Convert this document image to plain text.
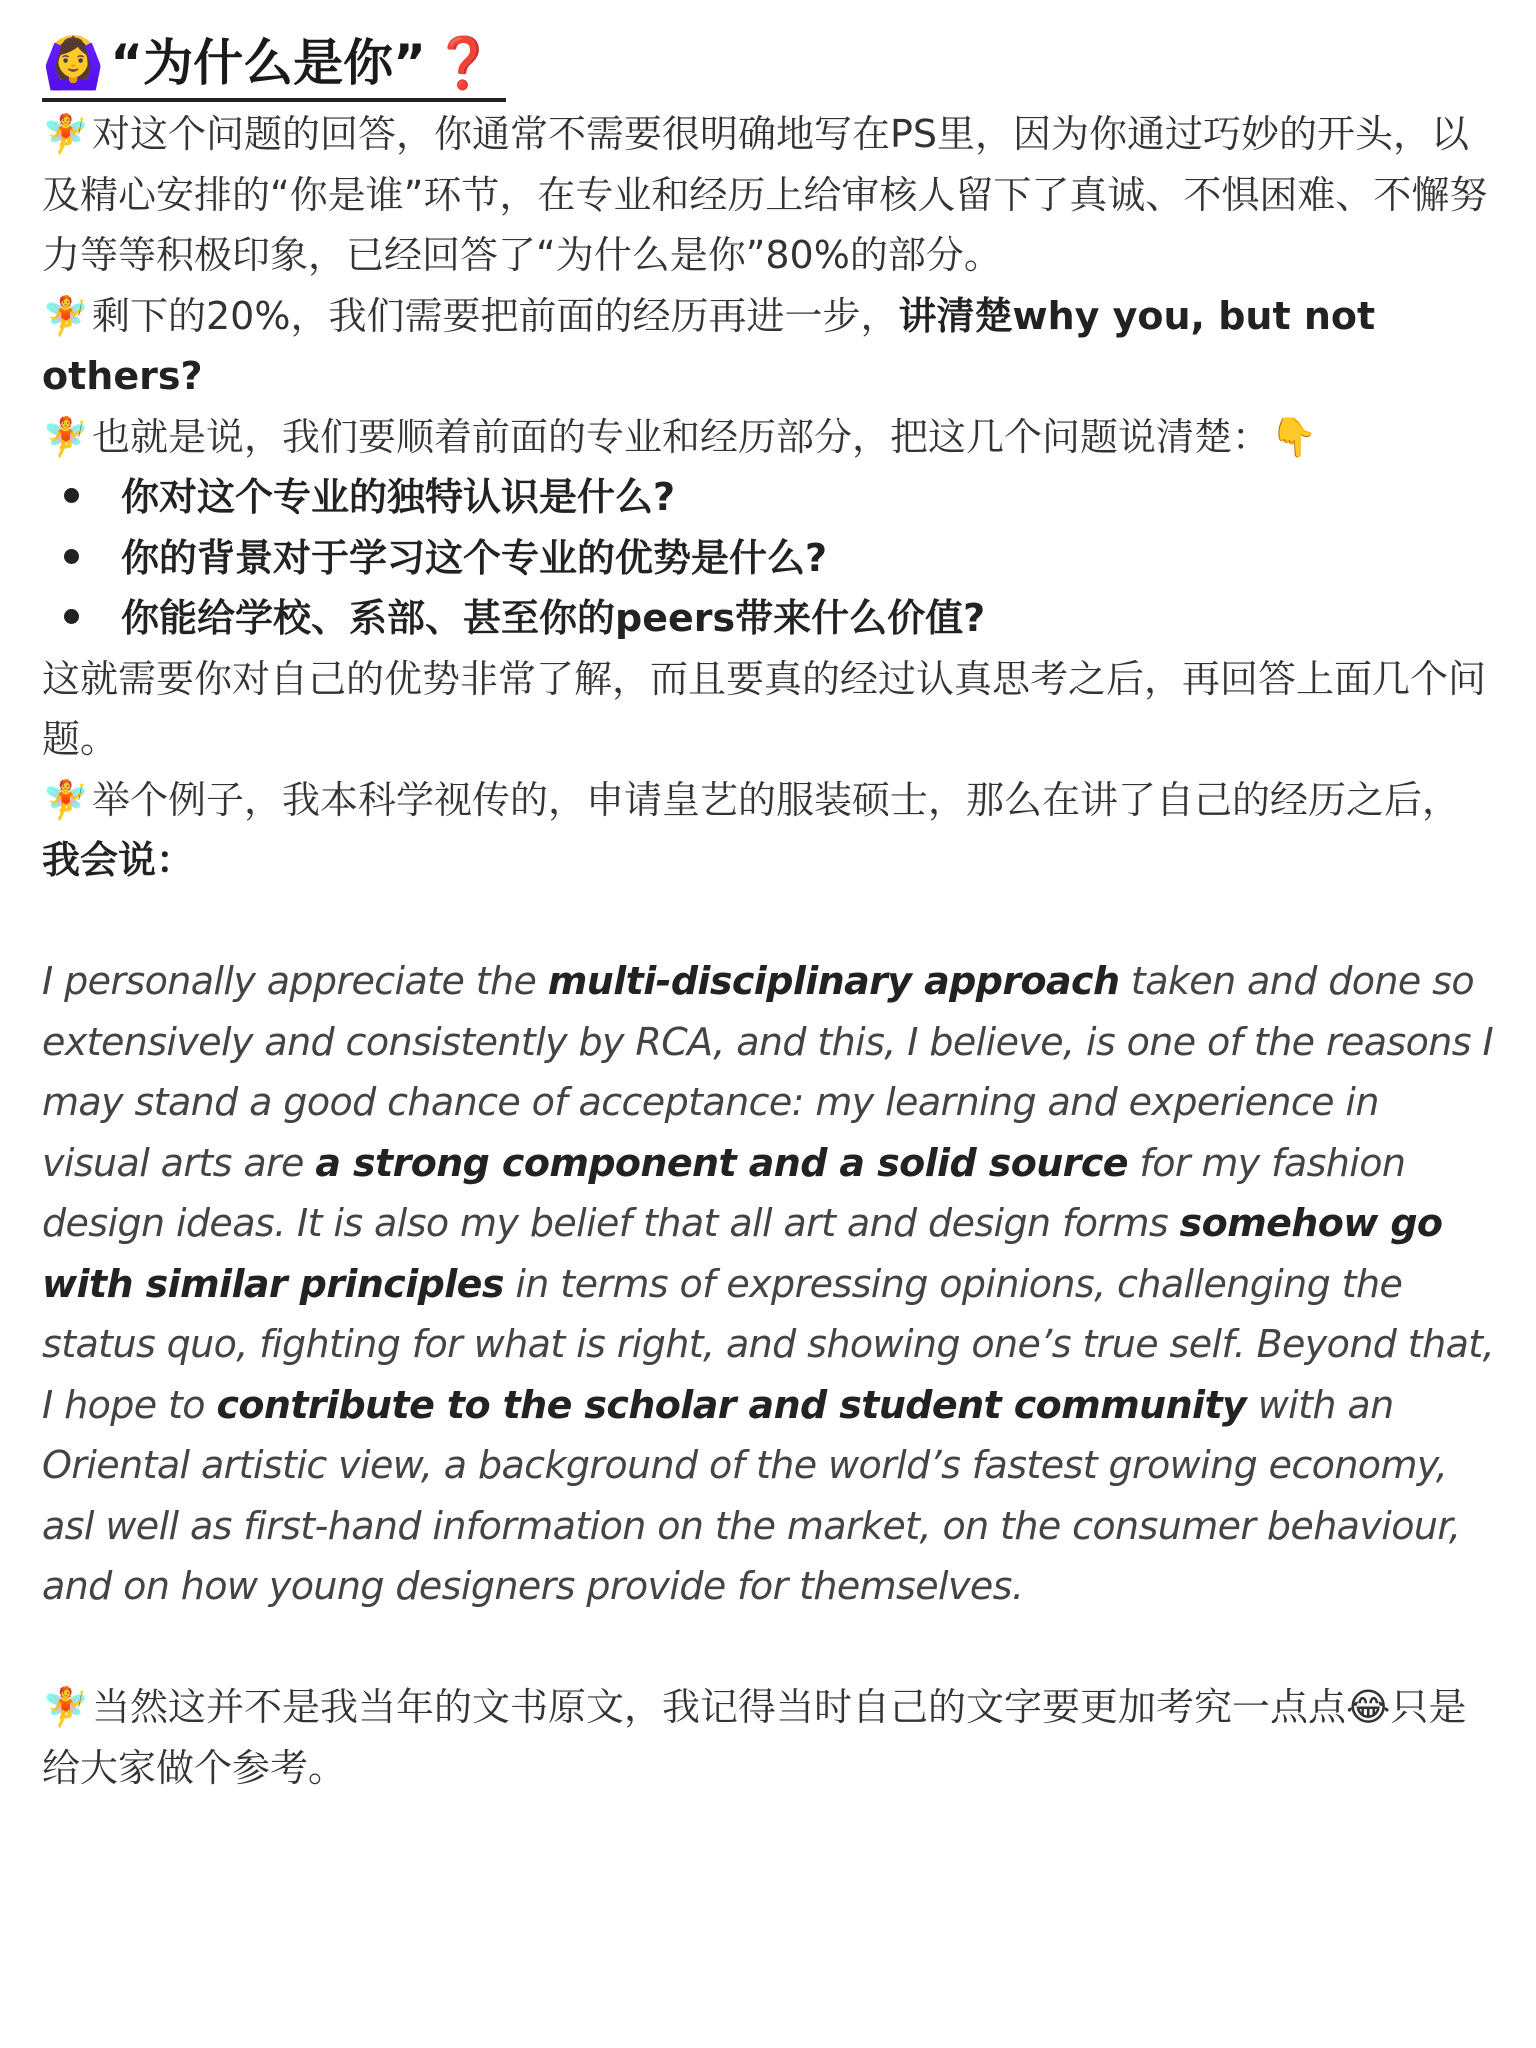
🙆‍♀️ “为什么是你” ❓

🧚对这个问题的回答，你通常不需要很明确地写在PS里，因为你通过巧妙的开头，以及精心安排的“你是谁”环节，在专业和经历上给审核人留下了真诚、不惧困难、不懈努力等等积极印象，已经回答了“为什么是你”80%的部分。

🧚剩下的20%，我们需要把前面的经历再进一步，讲清楚why you, but not others?

🧚也就是说，我们要顺着前面的专业和经历部分，把这几个问题说清楚：👇

你对这个专业的独特认识是什么?
你的背景对于学习这个专业的优势是什么?
你能给学校、系部、甚至你的peers带来什么价值?

这就需要你对自己的优势非常了解，而且要真的经过认真思考之后，再回答上面几个问题。

🧚举个例子，我本科学视传的，申请皇艺的服装硕士，那么在讲了自己的经历之后，我会说：

I personally appreciate the multi-disciplinary approach taken and done so extensively and consistently by RCA, and this, I believe, is one of the reasons I may stand a good chance of acceptance: my learning and experience in visual arts are a strong component and a solid source for my fashion design ideas. It is also my belief that all art and design forms somehow go with similar principles in terms of expressing opinions, challenging the status quo, fighting for what is right, and showing one’s true self. Beyond that, I hope to contribute to the scholar and student community with an Oriental artistic view, a background of the world’s fastest growing economy, asl well as first-hand information on the market, on the consumer behaviour, and on how young designers provide for themselves.

🧚当然这并不是我当年的文书原文，我记得当时自己的文字要更加考究一点点😂只是给大家做个参考。
